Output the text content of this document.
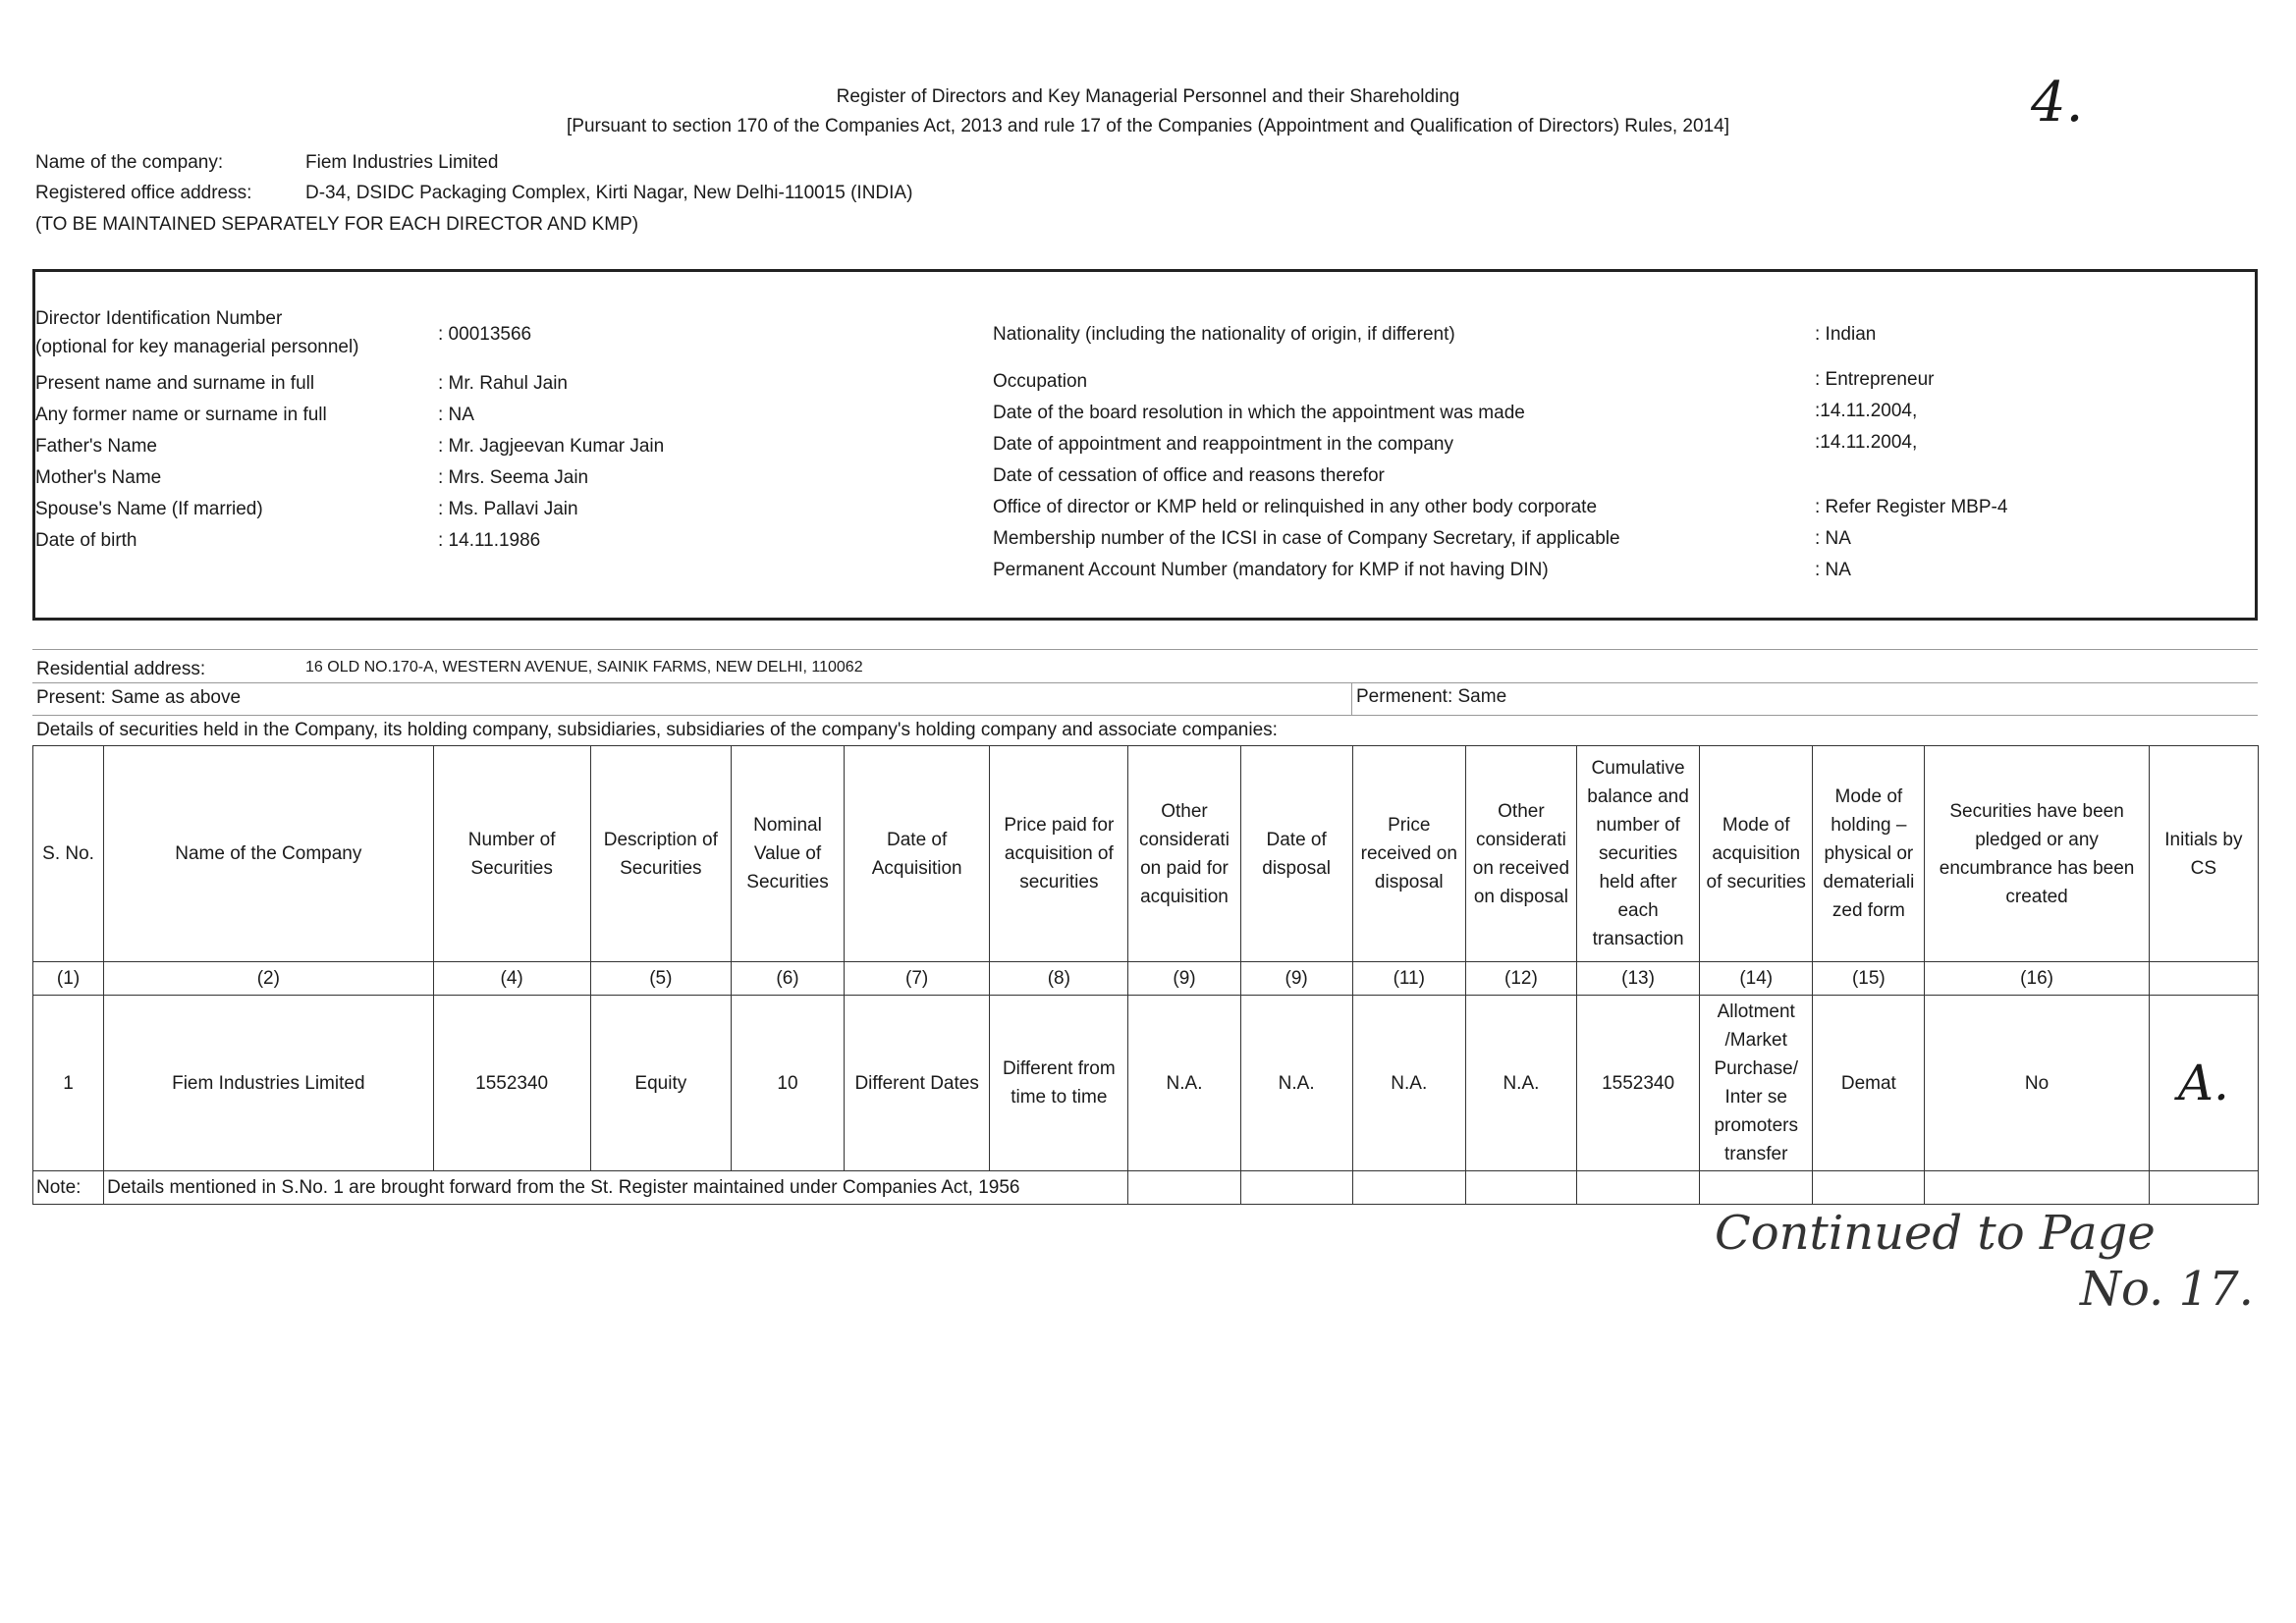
Register of Directors and Key Managerial Personnel and their Shareholding
[Pursuant to section 170 of the Companies Act, 2013 and rule 17 of the Companies (Appointment and Qualification of Directors) Rules, 2014]	4.
Name of the company:	Fiem Industries Limited
Registered office address:	D-34, DSIDC Packaging Complex, Kirti Nagar, New Delhi-110015 (INDIA)
(TO BE MAINTAINED SEPARATELY FOR EACH DIRECTOR AND KMP)
Director Identification Number
(optional for key managerial personnel)
: 00013566
Present name and surname in full	: Mr. Rahul Jain
Any former name or surname in full	: NA
Father's Name	: Mr. Jagjeevan Kumar Jain
Mother's Name	: Mrs. Seema Jain
Spouse's Name (If married)	: Ms. Pallavi Jain
Date of birth	: 14.11.1986
Nationality (including the nationality of origin, if different)	: Indian
Occupation	: Entrepreneur
Date of the board resolution in which the appointment was made	:14.11.2004,
Date of appointment and reappointment in the company	:14.11.2004,
Date of cessation of office and reasons therefor
Office of director or KMP held or relinquished in any other body corporate	: Refer Register MBP-4
Membership number of the ICSI in case of Company Secretary, if applicable	: NA
Permanent Account Number (mandatory for KMP if not having DIN)	: NA
Residential address:	16 OLD NO.170-A, WESTERN AVENUE, SAINIK FARMS, NEW DELHI, 110062
Present: Same as above	Permenent: Same
Details of securities held in the Company, its holding company, subsidiaries, subsidiaries of the company's holding company and associate companies:
S. No.	Name of the Company	Number of Securities	Description of Securities	Nominal Value of Securities	Date of Acquisition	Price paid for acquisition of securities	Other considerati on paid for acquisition	Date of disposal	Price received on disposal	Other considerati on received on disposal	Cumulative balance and number of securities held after each transaction	Mode of acquisition of securities	Mode of holding – physical or demateriali zed form	Securities have been pledged or any encumbrance has been created	Initials by CS
(1)	(2)	(4)	(5)	(6)	(7)	(8)	(9)	(9)	(11)	(12)	(13)	(14)	(15)	(16)	
1	Fiem Industries Limited	1552340	Equity	10	Different Dates	Different from time to time	N.A.	N.A.	N.A.	N.A.	1552340	Allotment /Market Purchase/ Inter se promoters transfer	Demat	No	A.
Note:	Details mentioned in S.No. 1 are brought forward from the St. Register maintained under Companies Act, 1956														
Continued to Page
No. 17.
